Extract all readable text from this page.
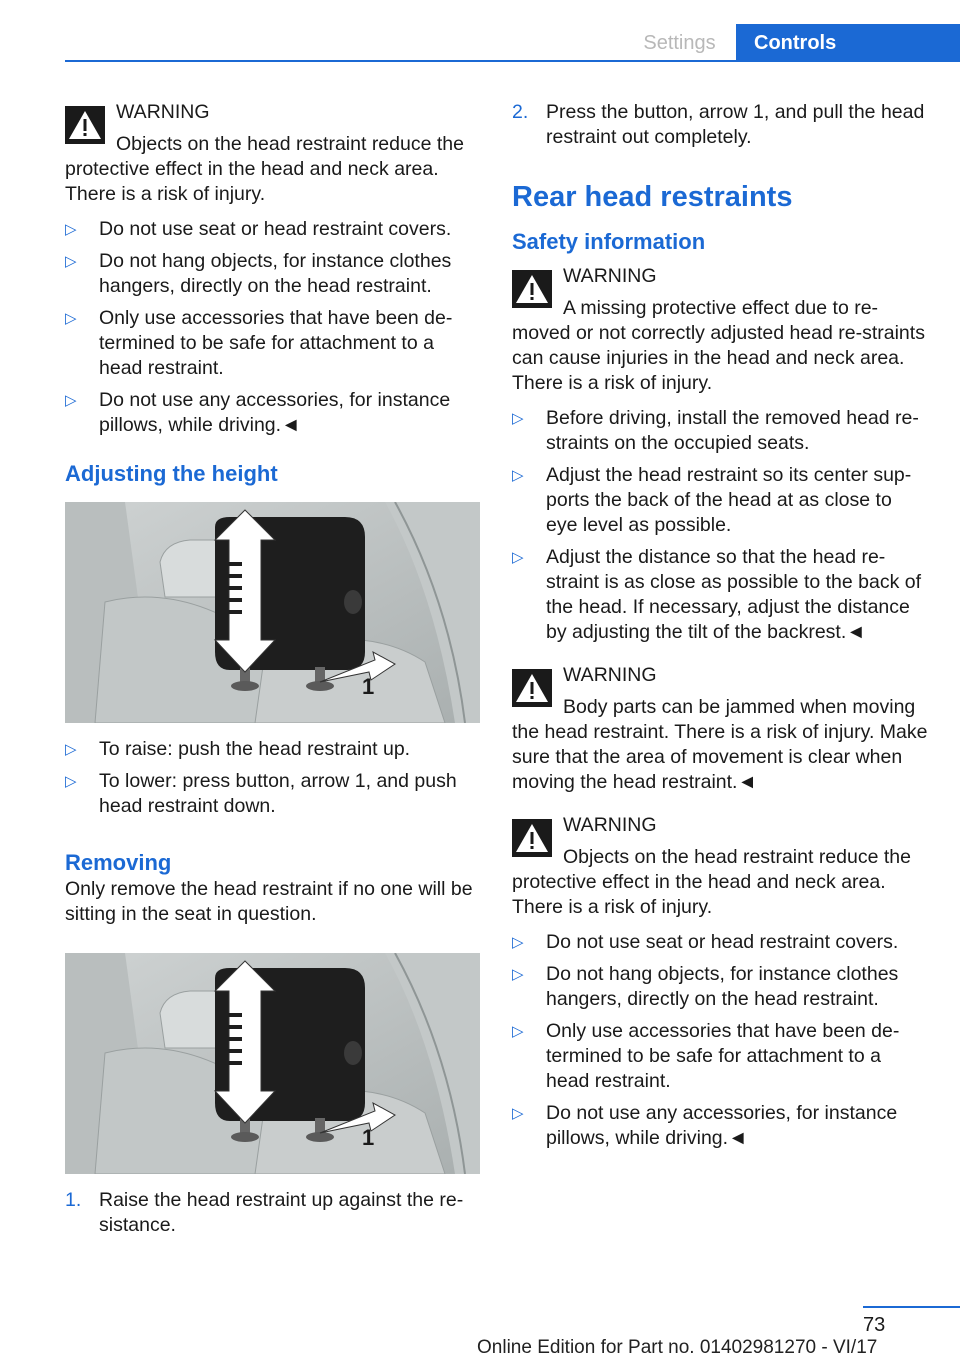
Settings	Controls
WARNING
Objects on the head restraint reduce the
protective effect in the head and neck area. There is a risk of injury.
▷ Do not use seat or head restraint covers.
▷ Do not hang objects, for instance clothes hangers, directly on the head restraint.
▷ Only use accessories that have been de-termined to be safe for attachment to a head restraint.
▷ Do not use any accessories, for instance pillows, while driving.◄
Adjusting the height
1
▷ To raise: push the head restraint up.
▷ To lower: press button, arrow 1, and push head restraint down.
Removing
Only remove the head restraint if no one will be sitting in the seat in question.
1
1. Raise the head restraint up against the re-sistance.
2. Press the button, arrow 1, and pull the head restraint out completely.
Rear head restraints
Safety information
WARNING
A missing protective effect due to re-
moved or not correctly adjusted head re-straints can cause injuries in the head and neck area. There is a risk of injury.
▷ Before driving, install the removed head re-straints on the occupied seats.
▷ Adjust the head restraint so its center sup-ports the back of the head at as close to eye level as possible.
▷ Adjust the distance so that the head re-straint is as close as possible to the back of the head. If necessary, adjust the distance by adjusting the tilt of the backrest.◄
WARNING
Body parts can be jammed when moving
the head restraint. There is a risk of injury. Make sure that the area of movement is clear when moving the head restraint.◄
WARNING
Objects on the head restraint reduce the
protective effect in the head and neck area. There is a risk of injury.
▷ Do not use seat or head restraint covers.
▷ Do not hang objects, for instance clothes hangers, directly on the head restraint.
▷ Only use accessories that have been de-termined to be safe for attachment to a head restraint.
▷ Do not use any accessories, for instance pillows, while driving.◄
73
Online Edition for Part no. 01402981270 - VI/17
